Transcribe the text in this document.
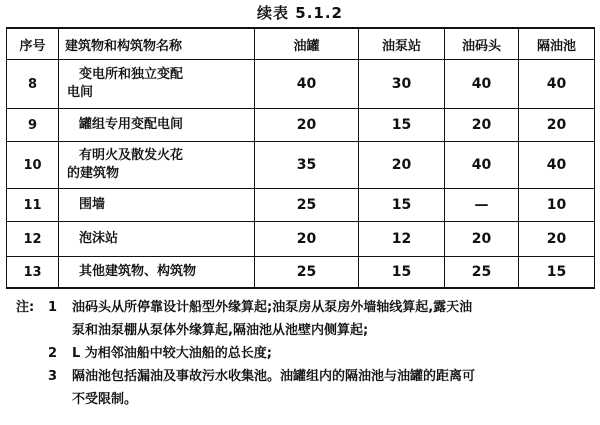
续表 5.1.2
序号	建筑物和构筑物名称	油罐	油泵站	油码头	隔油池
8	变电所和独立变配
电间	40	30	40	40
9	罐组专用变配电间	20	15	20	20
10	有明火及散发火花
的建筑物	35	20	40	40
11	围墙	25	15	—	10
12	泡沫站	20	12	20	20
13	其他建筑物、构筑物	25	15	25	15
注:	1	油码头从所停靠设计船型外缘算起;油泵房从泵房外墙轴线算起,露天油
泵和油泵棚从泵体外缘算起,隔油池从池壁内侧算起;
2	L 为相邻油船中较大油船的总长度;
3	隔油池包括漏油及事故污水收集池。油罐组内的隔油池与油罐的距离可
不受限制。
